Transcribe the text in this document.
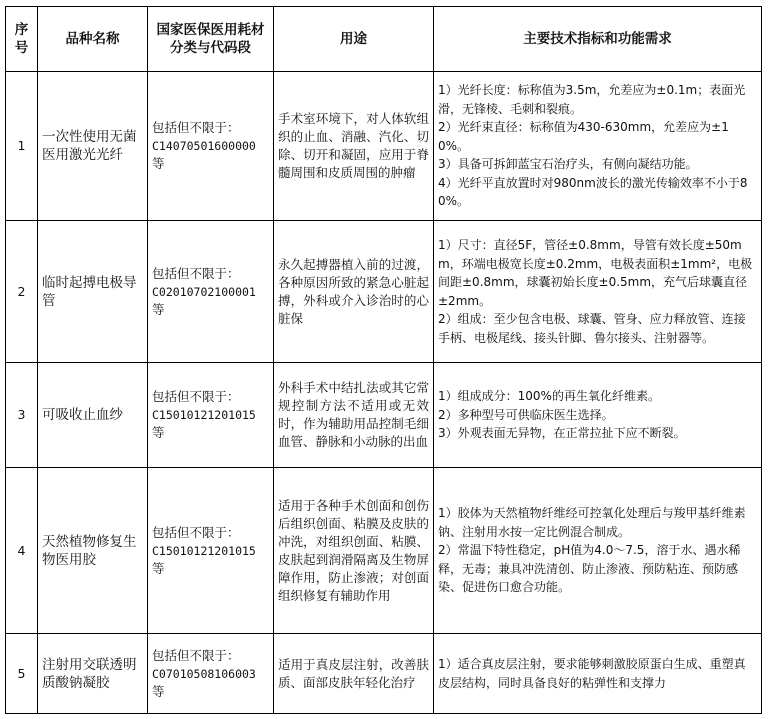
序号	品种名称	国家医保医用耗材分类与代码段	用途	主要技术指标和功能需求
1	一次性使用无菌医用激光光纤	包括但不限于：
C14070501600000
等	手术室环境下，对人体软组织的止血、消融、汽化、切除、切开和凝固，应用于脊髓周围和皮质周围的肿瘤	1）光纤长度：标称值为3.5m，允差应为±0.1m；表面光滑，无锋棱、毛刺和裂痕。
2）光纤束直径：标称值为430-630mm，允差应为±10%。
3）具备可拆卸蓝宝石治疗头，有侧向凝结功能。
4）光纤平直放置时对980nm波长的激光传输效率不小于80%。

2	临时起搏电极导管	包括但不限于：
C02010702100001
等	永久起搏器植入前的过渡，各种原因所致的紧急心脏起搏，外科或介入诊治时的心脏保	1）尺寸：直径5F，管径±0.8mm，导管有效长度±50mm，环端电极宽长度±0.2mm，电极表面积±1mm²，电极间距±0.8mm，球囊初始长度±0.5mm，充气后球囊直径±2mm。
2）组成：至少包含电极、球囊、管身、应力释放管、连接手柄、电极尾线、接头针脚、鲁尔接头、注射器等。

3	可吸收止血纱	包括但不限于：
C15010121201015
等	外科手术中结扎法或其它常规控制方法不适用或无效时，作为辅助用品控制毛细血管、静脉和小动脉的出血	1）组成成分：100%的再生氧化纤维素。
2）多种型号可供临床医生选择。
3）外观表面无异物，在正常拉扯下应不断裂。

4	天然植物修复生物医用胶	包括但不限于：
C15010121201015
等	适用于各种手术创面和创伤后组织创面、粘膜及皮肤的冲洗，对组织创面、粘膜、皮肤起到润滑隔离及生物屏障作用，防止渗液；对创面组织修复有辅助作用	1）胶体为天然植物纤维经可控氧化处理后与羧甲基纤维素钠、注射用水按一定比例混合制成。
2）常温下特性稳定，pH值为4.0～7.5，溶于水、遇水稀释，无毒；兼具冲洗清创、防止渗液、预防粘连、预防感染、促进伤口愈合功能。

5	注射用交联透明质酸钠凝胶	包括但不限于：
C07010508106003
等	适用于真皮层注射，改善肤质、面部皮肤年轻化治疗	1）适合真皮层注射，要求能够刺激胶原蛋白生成、重塑真皮层结构，同时具备良好的粘弹性和支撑力
